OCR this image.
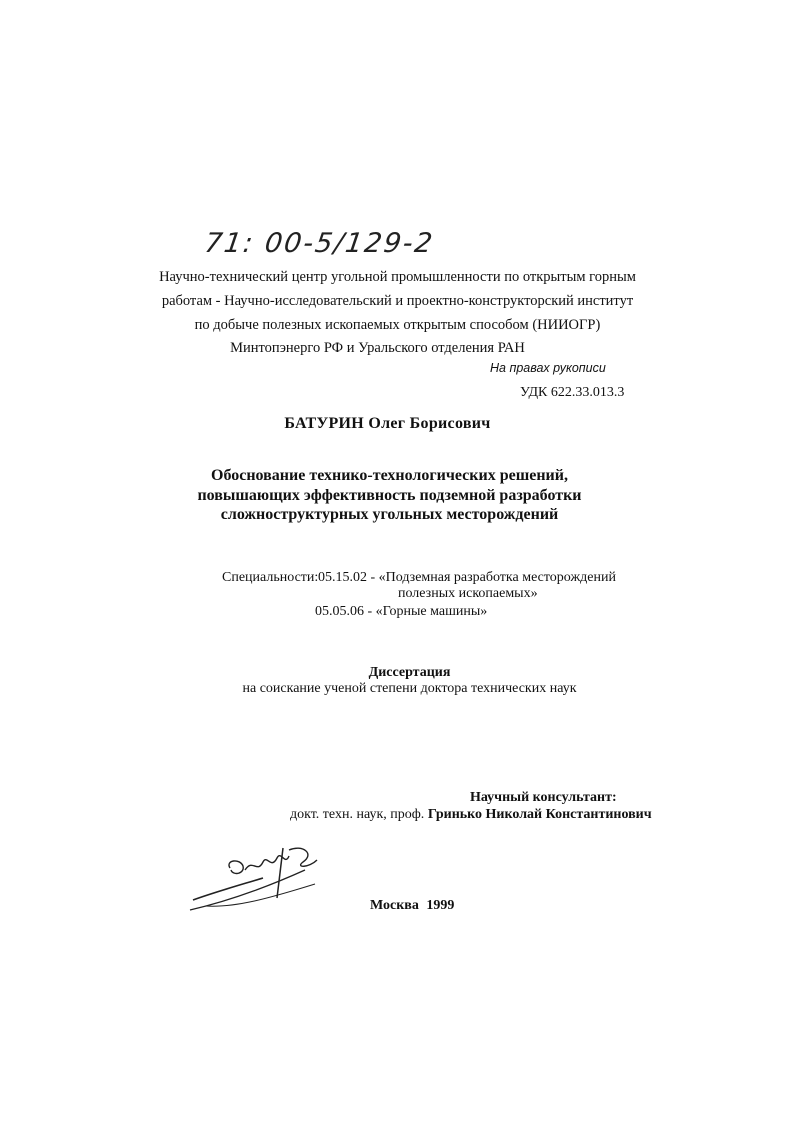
71: 00-5/129-2
Научно-технический центр угольной промышленности по открытым горным
работам - Научно-исследовательский и проектно-конструкторский институт
по добыче полезных ископаемых открытым способом (НИИОГР)
Минтопэнерго РФ и Уральского отделения РАН
На правах рукописи
УДК 622.33.013.3
БАТУРИН Олег Борисович
Обоснование технико-технологических решений,
повышающих эффективность подземной разработки
сложноструктурных угольных месторождений
Специальности: 05.15.02 - «Подземная разработка месторождений
полезных ископаемых»
05.05.06 - «Горные машины»
Диссертация
на соискание ученой степени доктора технических наук
Научный консультант:
докт. техн. наук, проф. Гринько Николай Константинович
Москва 1999
